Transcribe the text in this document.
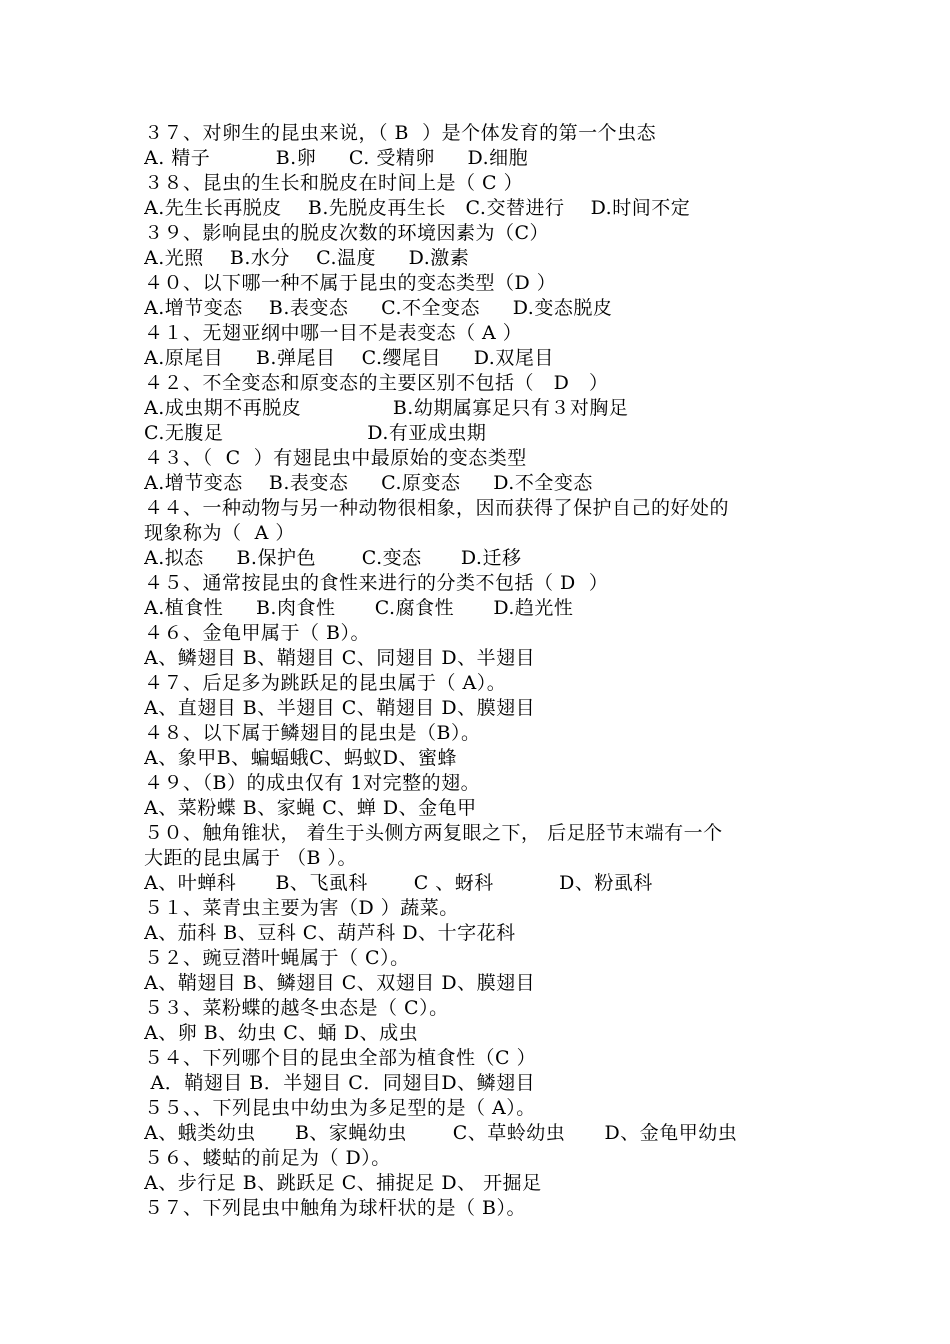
３７、对卵生的昆虫来说，（ B  ）是个体发育的第一个虫态
A. 精子          B.卵     C. 受精卵     D.细胞
３８、昆虫的生长和脱皮在时间上是（ C ）
A.先生长再脱皮    B.先脱皮再生长   C.交替进行    D.时间不定
３９、影响昆虫的脱皮次数的环境因素为（C）
A.光照    B.水分    C.温度     D.激素
４０、以下哪一种不属于昆虫的变态类型（D ）
A.增节变态    B.表变态     C.不全变态     D.变态脱皮
４１、无翅亚纲中哪一目不是表变态（ A ）
A.原尾目     B.弹尾目    C.缨尾目     D.双尾目
４２、不全变态和原变态的主要区别不包括（   D   ）
A.成虫期不再脱皮              B.幼期属寡足只有３对胸足
C.无腹足                      D.有亚成虫期
４３、（  C  ）有翅昆虫中最原始的变态类型
A.增节变态    B.表变态     C.原变态     D.不全变态
４４、一种动物与另一种动物很相象，因而获得了保护自己的好处的
现象称为（  A ）
A.拟态     B.保护色       C.变态      D.迁移
４５、通常按昆虫的食性来进行的分类不包括（ D  ）
A.植食性     B.肉食性      C.腐食性      D.趋光性
４６、金龟甲属于（ B）。
A、鳞翅目 B、鞘翅目 C、同翅目 D、半翅目
４７、后足多为跳跃足的昆虫属于（ A）。
A、直翅目 B、半翅目 C、鞘翅目 D、膜翅目
４８、以下属于鳞翅目的昆虫是（B）。
A、象甲B、蝙蝠蛾C、蚂蚁D、蜜蜂
４９、（B）的成虫仅有 1对完整的翅。
A、菜粉蝶 B、家蝇 C、蝉 D、金龟甲
５０、触角锥状， 着生于头侧方两复眼之下， 后足胫节末端有一个
大距的昆虫属于 （B ）。
A、叶蝉科      B、飞虱科       C 、蚜科          D、粉虱科
５１、菜青虫主要为害（D ）蔬菜。
A、茄科 B、豆科 C、葫芦科 D、十字花科
５２、豌豆潜叶蝇属于（ C）。
A、鞘翅目 B、鳞翅目 C、双翅目 D、膜翅目
５３、菜粉蝶的越冬虫态是（ C）。
A、卵 B、幼虫 C、蛹 D、成虫
５４、下列哪个目的昆虫全部为植食性（C ）
A．鞘翅目 B．半翅目 C．同翅目D、鳞翅目
５５、、下列昆虫中幼虫为多足型的是（ A）。
A、蛾类幼虫      B、家蝇幼虫       C、草蛉幼虫      D、金龟甲幼虫
５６、蝼蛄的前足为（ D）。
A、步行足 B、跳跃足 C、捕捉足 D、 开掘足
５７、下列昆虫中触角为球杆状的是（ B）。
